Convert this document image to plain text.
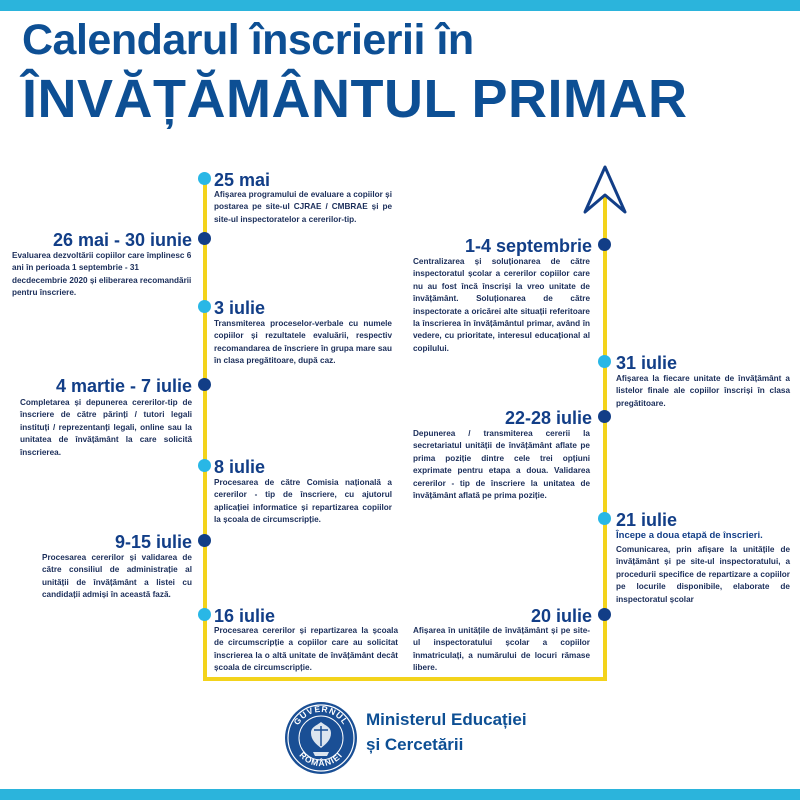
Calendarul înscrierii în
ÎNVĂȚĂMÂNTUL PRIMAR
26 mai - 30 iunie
Evaluarea dezvoltării copiilor care împlinesc 6 ani în perioada 1 septembrie - 31 decdecembrie 2020 și eliberarea recomandării pentru înscriere.
4 martie - 7 iulie
Completarea și depunerea cererilor-tip de înscriere de către părinți / tutori legali instituți / reprezentanți legali, online sau la unitatea de învățământ la care solicită înscrierea.
9-15 iulie
Procesarea cererilor și validarea de către consiliul de administrație al unității de învățământ a listei cu candidații admiși în această fază.
25 mai
Afișarea programului de evaluare a copiilor și postarea pe site-ul CJRAE / CMBRAE și pe site-ul inspectoratelor a cererilor-tip.
3 iulie
Transmiterea proceselor-verbale cu numele copiilor și rezultatele evaluării, respectiv recomandarea de înscriere în grupa mare sau în clasa pregătitoare, după caz.
8 iulie
Procesarea de către Comisia națională a cererilor - tip de înscriere, cu ajutorul aplicației informatice și repartizarea copiilor la școala de circumscripție.
16 iulie
Procesarea cererilor și repartizarea la școala de circumscripție a copiilor care au solicitat înscrierea la o altă unitate de învățământ decât școala de circumscripție.
1-4 septembrie
Centralizarea și soluționarea de către inspectoratul școlar a cererilor copiilor care nu au fost încă înscriși la vreo unitate de învățământ. Soluționarea de către inspectorate a oricărei alte situații referitoare la înscrierea în învățământul primar, având în vedere, cu prioritate, interesul educațional al copilului.
22-28 iulie
Depunerea / transmiterea cererii la secretariatul unității de învățământ aflate pe prima poziție dintre cele trei opțiuni exprimate pentru etapa a doua. Validarea cererilor - tip de înscriere la unitatea de învățământ aflată pe prima poziție.
20 iulie
Afișarea în unitățile de învățământ și pe site-ul inspectoratului școlar a copiilor înmatriculați, a numărului de locuri rămase libere.
31 iulie
Afișarea la fiecare unitate de învățământ a listelor finale ale copiilor înscriși în clasa pregătitoare.
21 iulie
Începe a doua etapă de înscrieri.
Comunicarea, prin afișare la unitățile de învățământ și pe site-ul inspectoratului, a procedurii specifice de repartizare a copiilor pe locurile disponibile, elaborate de inspectoratul școlar
GUVERNUL
ROMÂNIEI
Ministerul Educației
și Cercetării
